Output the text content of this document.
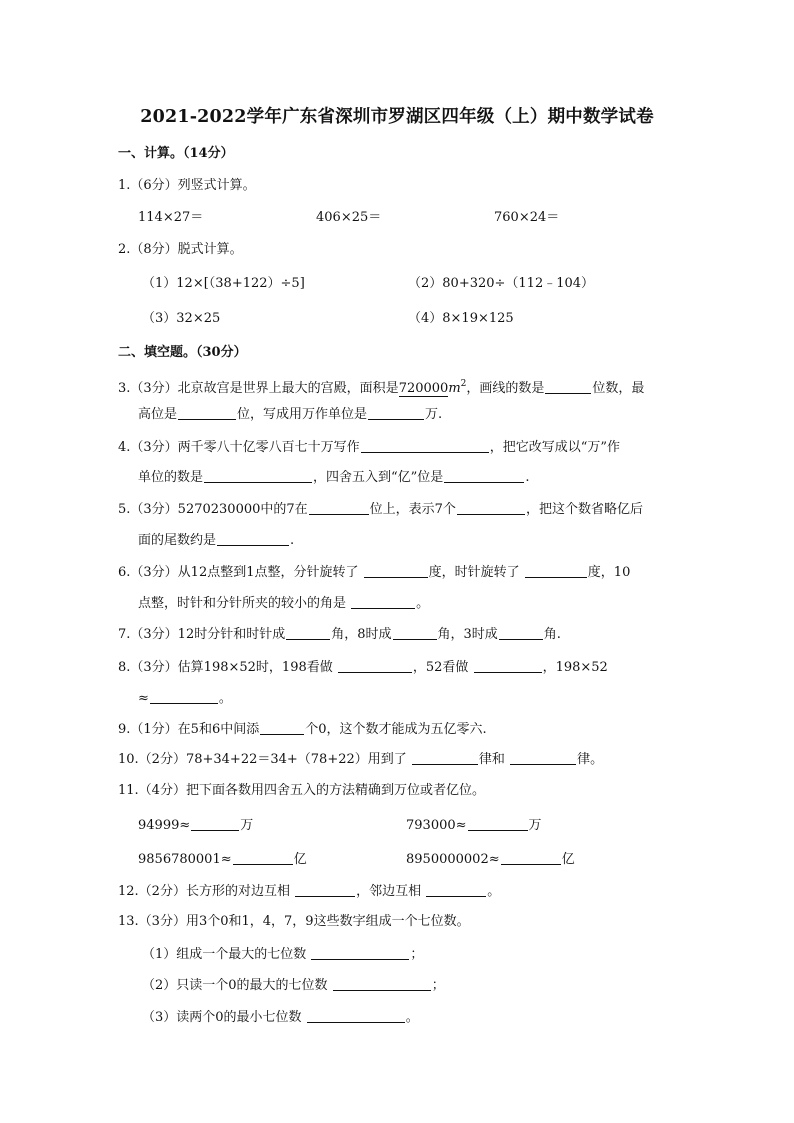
2021-2022学年广东省深圳市罗湖区四年级（上）期中数学试卷
一、计算。（14分）
1.（6分）列竖式计算。
114×27＝	406×25＝	760×24＝
2.（8分）脱式计算。
（1）12×[（38+122）÷5]	（2）80+320÷（112﹣104）
（3）32×25	（4）8×19×125
二、填空题。（30分）
3.（3分）北京故宫是世界上最大的宫殿，面积是$720000m^2$，画线的数是	位数，最
高位是	位，写成用万作单位是	万.
4.（3分）两千零八十亿零八百七十万写作	，把它改写成以“万”作
单位的数是	，四舍五入到“亿”位是	.
5.（3分）5270230000中的7在	位上，表示7个	，把这个数省略亿后
面的尾数约是	.
6.（3分）从12点整到1点整，分针旋转了	度，时针旋转了	度，10
点整，时针和分针所夹的较小的角是	。
7.（3分）12时分针和时针成	角，8时成	角，3时成	角.
8.（3分）估算198×52时，198看做	，52看做	，198×52
≈	。
9.（1分）在5和6中间添	个0，这个数才能成为五亿零六.
10.（2分）78+34+22＝34+（78+22）用到了	律和	律。
11.（4分）把下面各数用四舍五入的方法精确到万位或者亿位。
94999≈	万	793000≈	万
9856780001≈	亿	8950000002≈	亿
12.（2分）长方形的对边互相	，邻边互相	。
13.（3分）用3个0和1，4，7，9这些数字组成一个七位数。
（1）组成一个最大的七位数	；
（2）只读一个0的最大的七位数	；
（3）读两个0的最小七位数	。
